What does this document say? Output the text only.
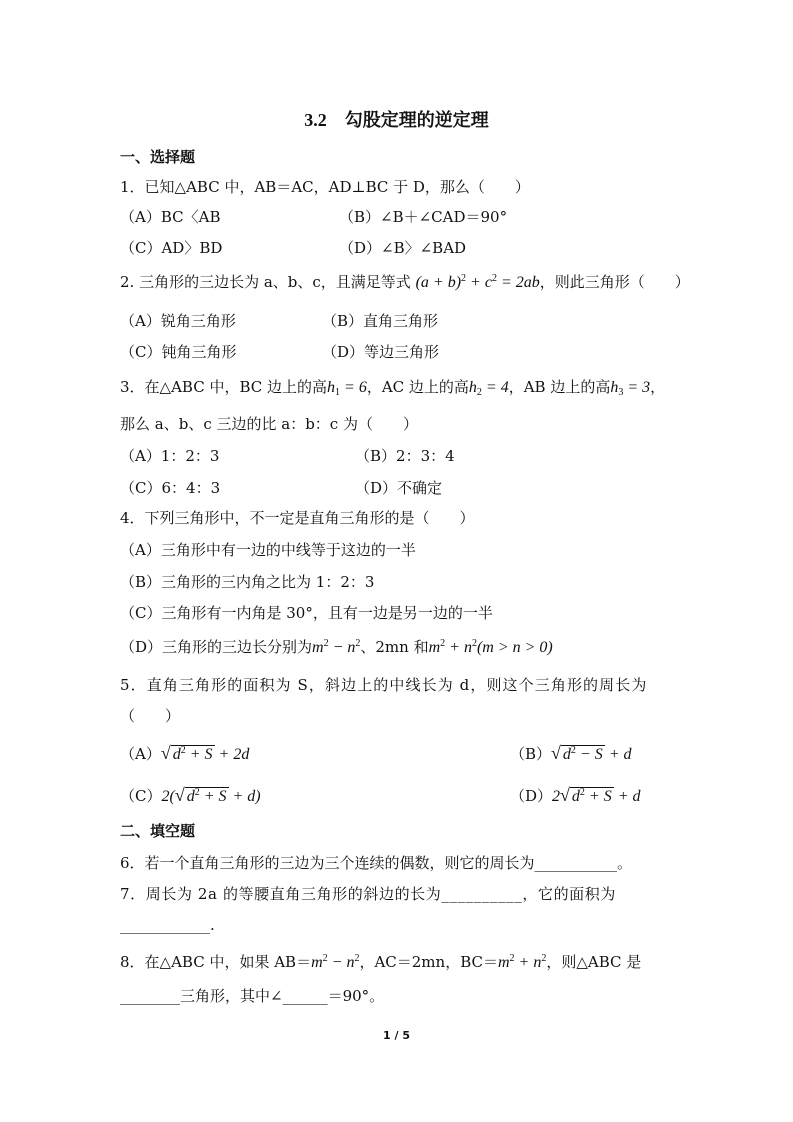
3.2 勾股定理的逆定理
一、选择题
1．已知△ABC 中，AB＝AC，AD⊥BC 于 D，那么（　　）
（A）BC〈AB	（B）∠B＋∠CAD＝90°
（C）AD〉BD	（D）∠B〉∠BAD
2. 三角形的三边长为 a、b、c，且满足等式 $(a + b)^2 + c^2 = 2ab$，则此三角形（　　）
（A）锐角三角形	（B）直角三角形
（C）钝角三角形	（D）等边三角形
3．在△ABC 中，BC 边上的高$h_1 = 6$，AC 边上的高$h_2 = 4$，AB 边上的高$h_3 = 3$，
那么 a、b、c 三边的比 a：b：c 为（　　）
（A）1：2：3	（B）2：3：4
（C）6：4：3	（D）不确定
4．下列三角形中，不一定是直角三角形的是（　　）
（A）三角形中有一边的中线等于这边的一半
（B）三角形的三内角之比为 1：2：3
（C）三角形有一内角是 30°，且有一边是另一边的一半
（D）三角形的三边长分别为$m^2 - n^2$、2mn 和$m^2 + n^2(m > n > 0)$
5．直角三角形的面积为 S，斜边上的中线长为 d，则这个三角形的周长为
（　　）
（A）√ $d^2 + S + 2d$	（B）√ $d^2 - S + d$
（C）2(√ $d^2 + S + d$)	（D）2√ $d^2 + S + d$
二、填空题
6．若一个直角三角形的三边为三个连续的偶数，则它的周长为___________。
7．周长为 2a 的等腰直角三角形的斜边的长为__________，它的面积为
____________.
8．在△ABC 中，如果 $AB=m^2 - n^2$，AC＝2mn，$BC=m^2 + n^2$，则△ABC 是
________三角形，其中∠______＝90°。
1 / 5
